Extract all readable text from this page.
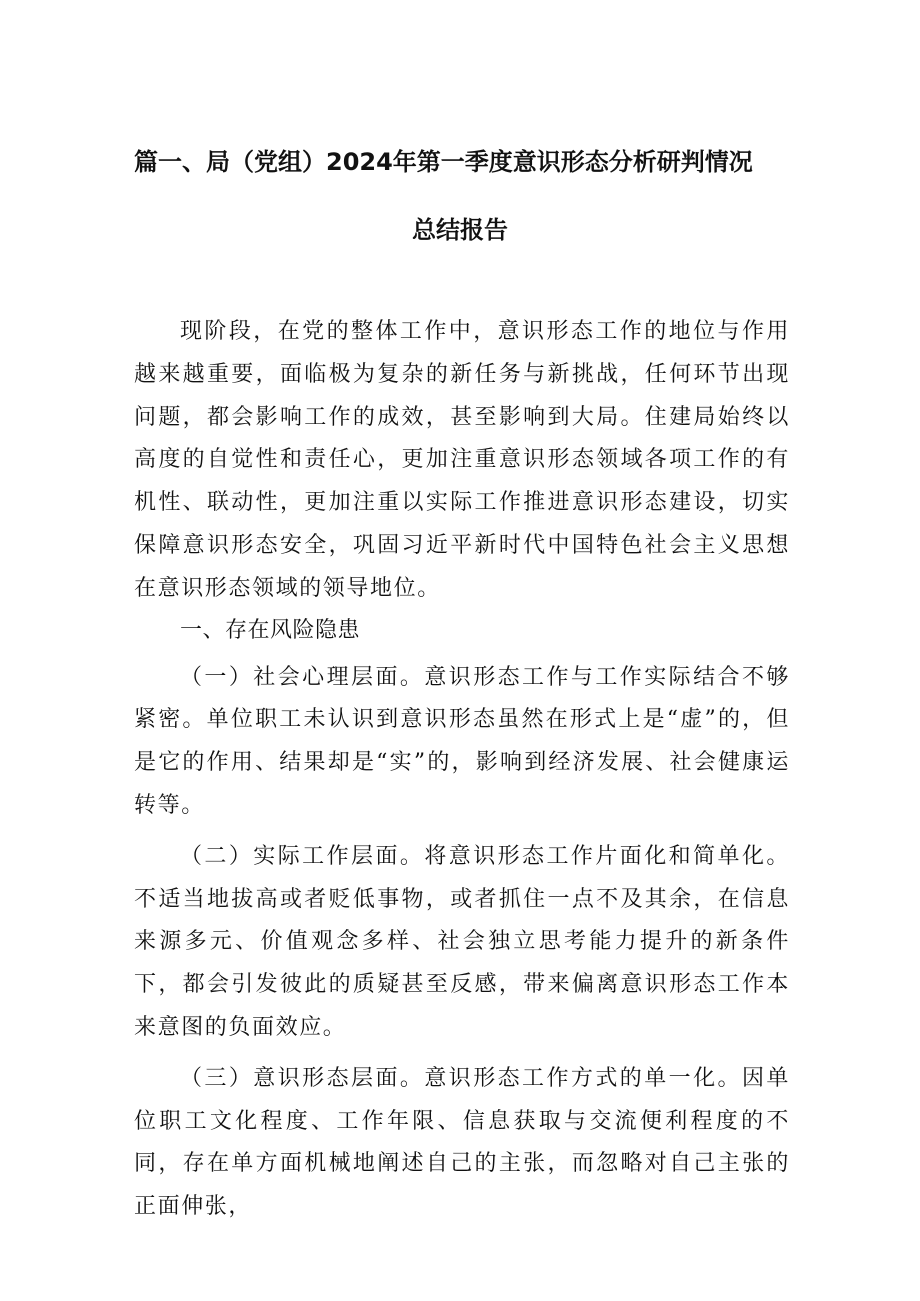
篇一、局（党组）2024年第一季度意识形态分析研判情况
总结报告

现阶段，在党的整体工作中，意识形态工作的地位与作用越来越重要，面临极为复杂的新任务与新挑战，任何环节出现问题，都会影响工作的成效，甚至影响到大局。住建局始终以高度的自觉性和责任心，更加注重意识形态领域各项工作的有机性、联动性，更加注重以实际工作推进意识形态建设，切实保障意识形态安全，巩固习近平新时代中国特色社会主义思想在意识形态领域的领导地位。

一、存在风险隐患

（一）社会心理层面。意识形态工作与工作实际结合不够紧密。单位职工未认识到意识形态虽然在形式上是“虚”的，但是它的作用、结果却是“实”的，影响到经济发展、社会健康运转等。

（二）实际工作层面。将意识形态工作片面化和简单化。不适当地拔高或者贬低事物，或者抓住一点不及其余，在信息来源多元、价值观念多样、社会独立思考能力提升的新条件下，都会引发彼此的质疑甚至反感，带来偏离意识形态工作本来意图的负面效应。

（三）意识形态层面。意识形态工作方式的单一化。因单位职工文化程度、工作年限、信息获取与交流便利程度的不同，存在单方面机械地阐述自己的主张，而忽略对自己主张的正面伸张，
